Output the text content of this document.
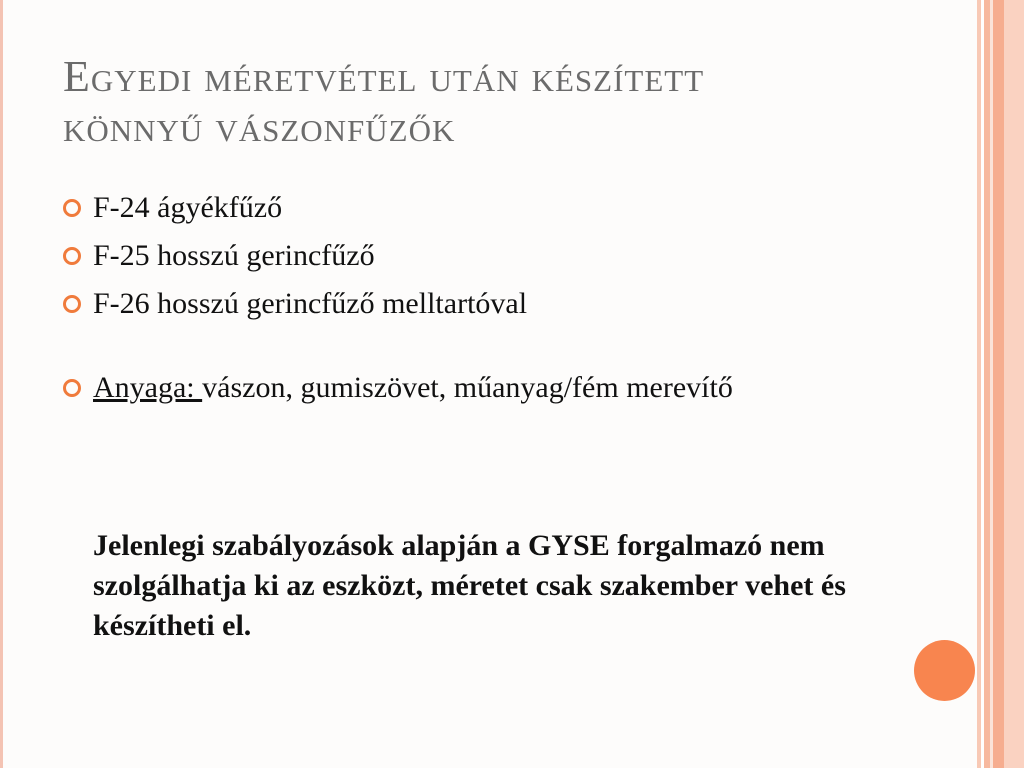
Egyedi méretvétel után készített
könnyű vászonfűzők
F-24 ágyékfűző
F-25 hosszú gerincfűző
F-26 hosszú gerincfűző melltartóval
Anyaga: vászon, gumiszövet, műanyag/fém merevítő

Jelenlegi szabályozások alapján a GYSE forgalmazó nem szolgálhatja ki az eszközt, méretet csak szakember vehet és készítheti el.
